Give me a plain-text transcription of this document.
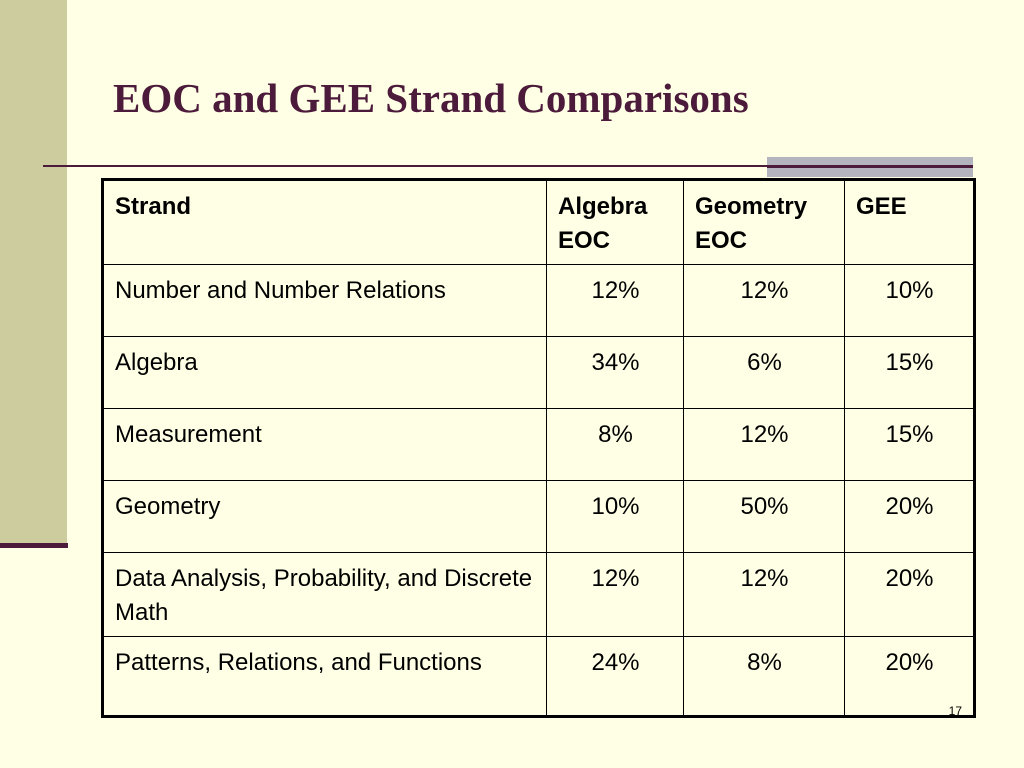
EOC and GEE Strand Comparisons
Strand	Algebra EOC	Geometry EOC	GEE
Number and Number Relations	12%	12%	10%
Algebra	34%	6%	15%
Measurement	8%	12%	15%
Geometry	10%	50%	20%
Data Analysis, Probability, and Discrete Math	12%	12%	20%
Patterns, Relations, and Functions	24%	8%	20%
17
